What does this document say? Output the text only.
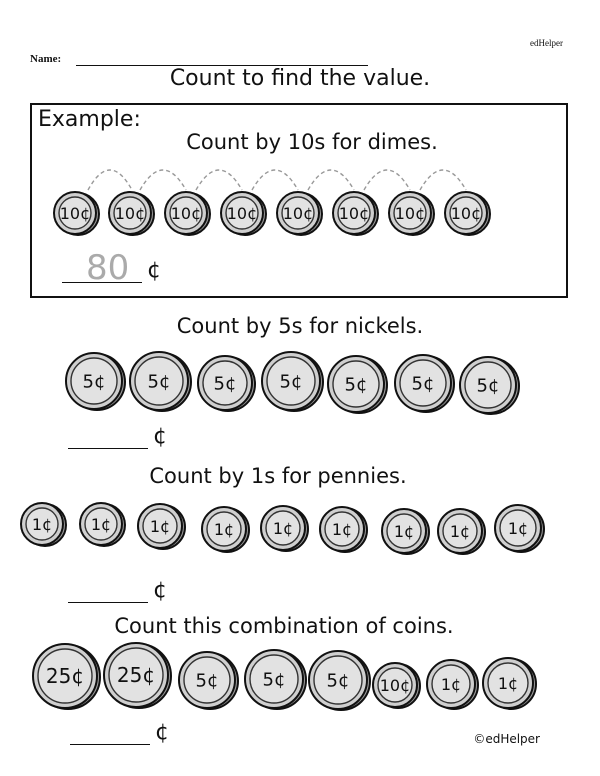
edHelper
Name:
Count to find the value.
Example:
Count by 10s for dimes.
10¢ 10¢ 10¢ 10¢ 10¢ 10¢ 10¢ 10¢
80 ¢
Count by 5s for nickels.
5¢ 5¢ 5¢ 5¢ 5¢ 5¢ 5¢
¢
Count by 1s for pennies.
1¢ 1¢ 1¢	1¢ 1¢ 1¢	1¢ 1¢ 1¢
¢
Count this combination of coins.
25¢ 25¢ 5¢ 5¢ 5¢ 10¢ 1¢ 1¢
¢	©edHelper
